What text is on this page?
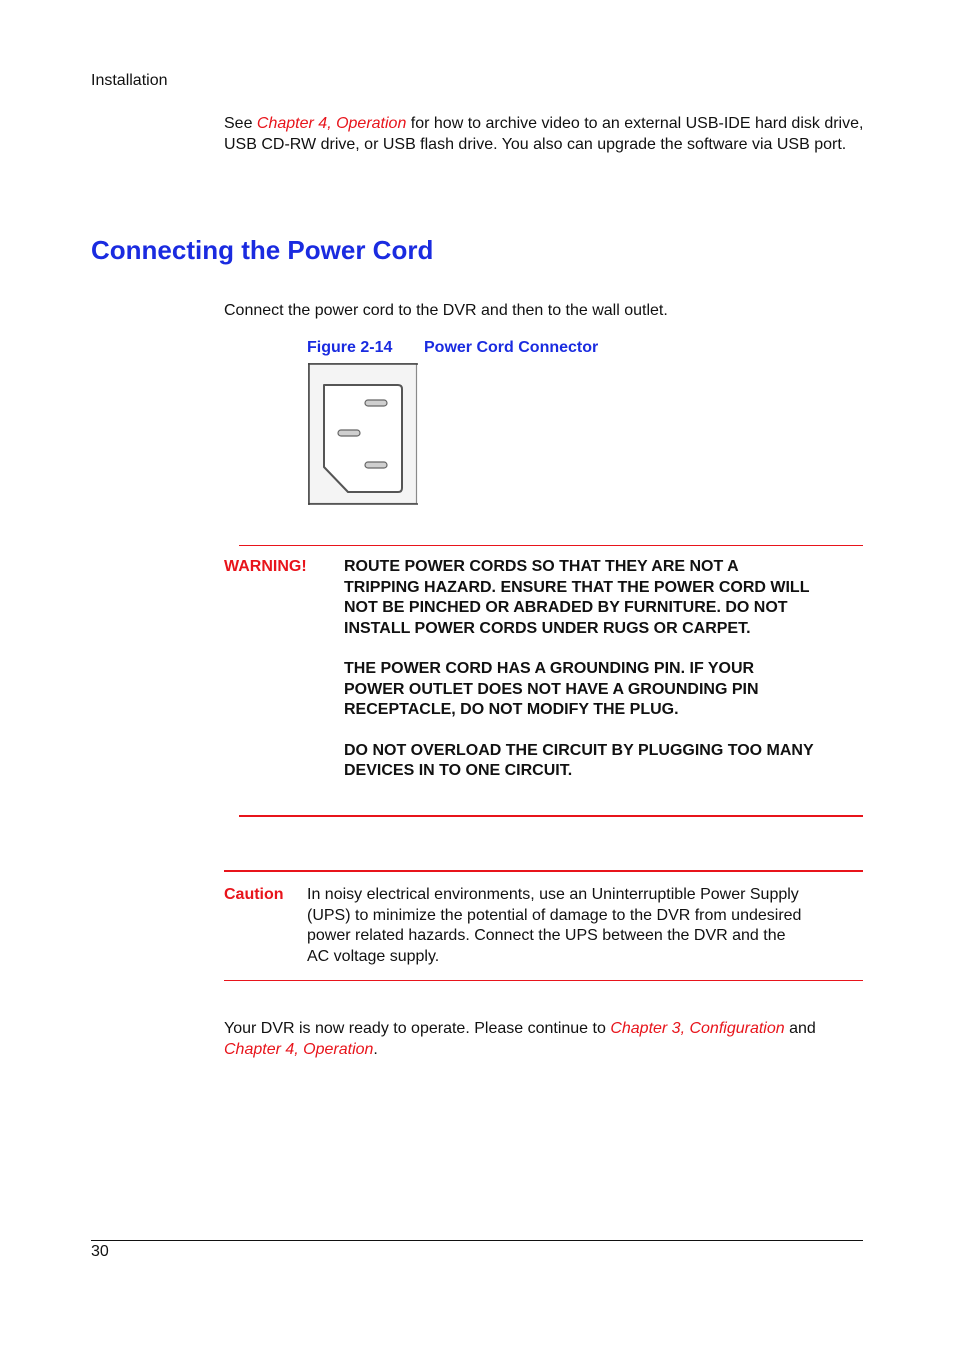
Installation
See Chapter 4, Operation for how to archive video to an external USB-IDE hard disk drive, USB CD-RW drive, or USB flash drive. You also can upgrade the software via USB port.
Connecting the Power Cord
Connect the power cord to the DVR and then to the wall outlet.
Figure 2-14 Power Cord Connector
WARNING! ROUTE POWER CORDS SO THAT THEY ARE NOT A TRIPPING HAZARD. ENSURE THAT THE POWER CORD WILL NOT BE PINCHED OR ABRADED BY FURNITURE. DO NOT INSTALL POWER CORDS UNDER RUGS OR CARPET.

THE POWER CORD HAS A GROUNDING PIN. IF YOUR POWER OUTLET DOES NOT HAVE A GROUNDING PIN RECEPTACLE, DO NOT MODIFY THE PLUG.

DO NOT OVERLOAD THE CIRCUIT BY PLUGGING TOO MANY DEVICES IN TO ONE CIRCUIT.

Caution In noisy electrical environments, use an Uninterruptible Power Supply (UPS) to minimize the potential of damage to the DVR from undesired power related hazards. Connect the UPS between the DVR and the AC voltage supply.
Your DVR is now ready to operate. Please continue to Chapter 3, Configuration and Chapter 4, Operation.
30
